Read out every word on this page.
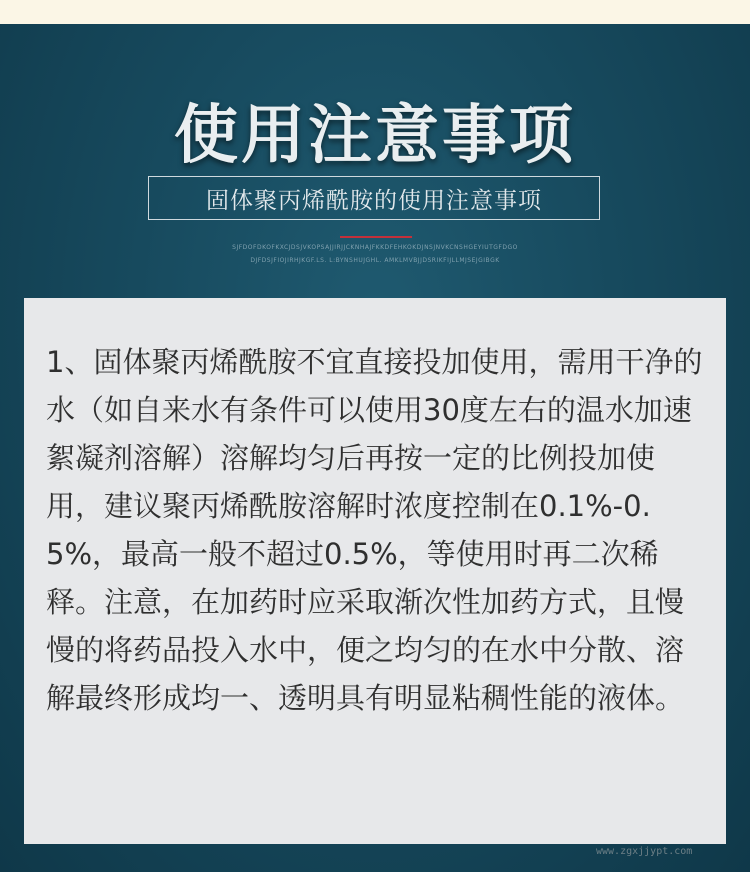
使用注意事项
固体聚丙烯酰胺的使用注意事项
SJFDOFDKOFKXCJDSJVKOPSAJJIRJJCKNHAJFKKDFEHKOKDJNSJNVKCNSHGEYIUTGFDGO
DJFDSJFIOJIRHJKGF.LS. L:BYNSHUJGHL. AMKLMVBJJDSRIKFIJLLMJSEJGIBGK

1、固体聚丙烯酰胺不宜直接投加使用，需用干净的水（如自来水有条件可以使用30度左右的温水加速絮凝剂溶解）溶解均匀后再按一定的比例投加使用，建议聚丙烯酰胺溶解时浓度控制在0.1%-0.5%，最高一般不超过0.5%，等使用时再二次稀释。注意，在加药时应采取渐次性加药方式，且慢慢的将药品投入水中，便之均匀的在水中分散、溶解最终形成均一、透明具有明显粘稠性能的液体。

www.zgxjjypt.com
